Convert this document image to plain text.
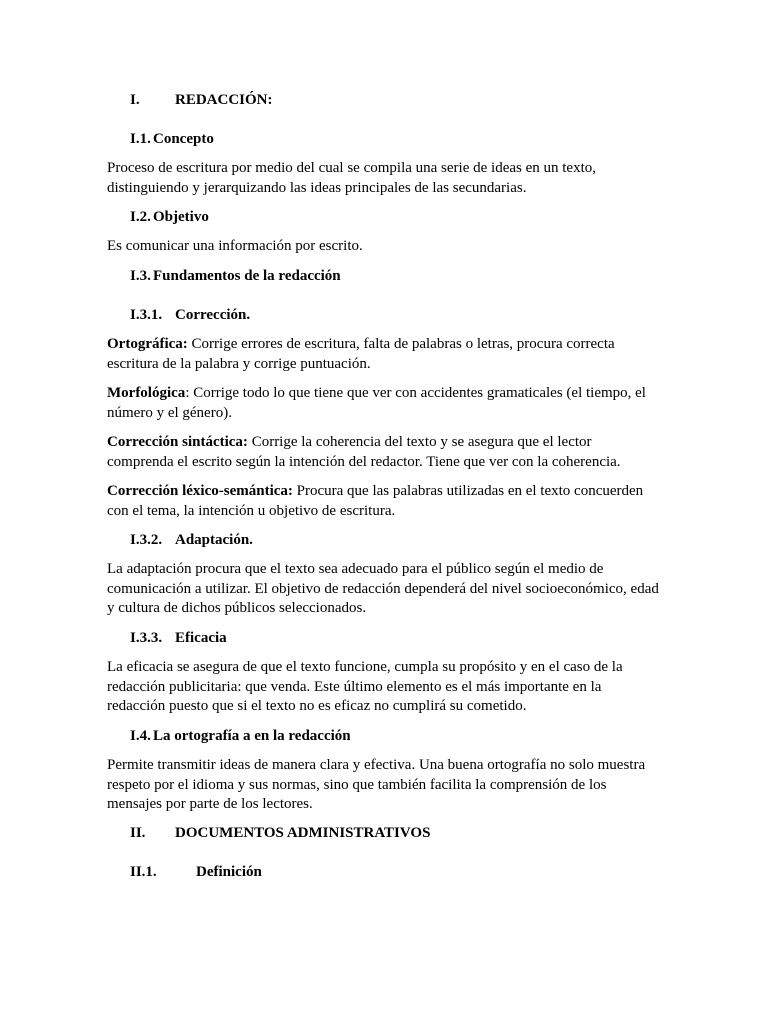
I. REDACCIÓN:
I.1. Concepto

Proceso de escritura por medio del cual se compila una serie de ideas en un texto, distinguiendo y jerarquizando las ideas principales de las secundarias.

I.2. Objetivo

Es comunicar una información por escrito.

I.3. Fundamentos de la redacción
I.3.1. Corrección.

Ortográfica: Corrige errores de escritura, falta de palabras o letras, procura correcta escritura de la palabra y corrige puntuación.

Morfológica: Corrige todo lo que tiene que ver con accidentes gramaticales (el tiempo, el número y el género).

Corrección sintáctica: Corrige la coherencia del texto y se asegura que el lector comprenda el escrito según la intención del redactor. Tiene que ver con la coherencia.

Corrección léxico-semántica: Procura que las palabras utilizadas en el texto concuerden con el tema, la intención u objetivo de escritura.

I.3.2. Adaptación.

La adaptación procura que el texto sea adecuado para el público según el medio de comunicación a utilizar. El objetivo de redacción dependerá del nivel socioeconómico, edad y cultura de dichos públicos seleccionados.

I.3.3. Eficacia

La eficacia se asegura de que el texto funcione, cumpla su propósito y en el caso de la redacción publicitaria: que venda. Este último elemento es el más importante en la redacción puesto que si el texto no es eficaz no cumplirá su cometido.

I.4. La ortografía a en la redacción

Permite transmitir ideas de manera clara y efectiva. Una buena ortografía no solo muestra respeto por el idioma y sus normas, sino que también facilita la comprensión de los mensajes por parte de los lectores.

II. DOCUMENTOS ADMINISTRATIVOS
II.1.	Definición
